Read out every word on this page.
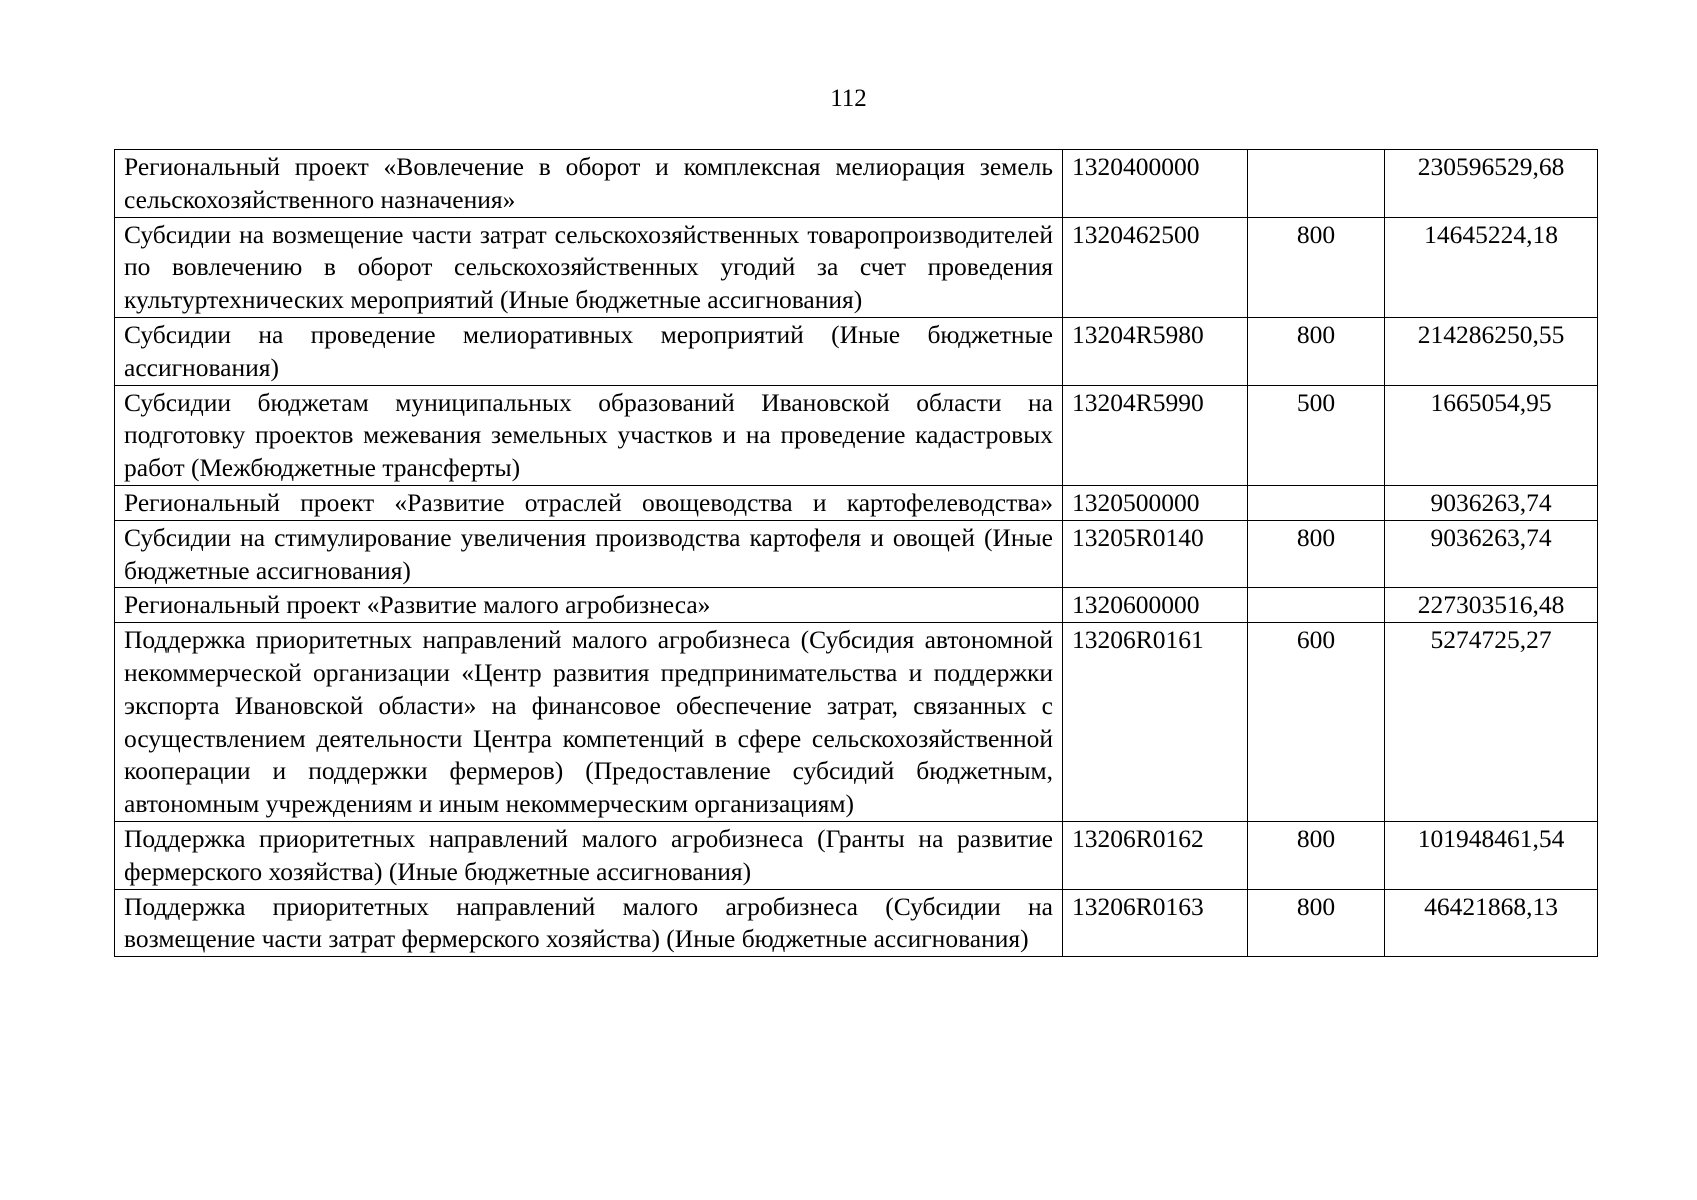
112
Региональный проект «Вовлечение в оборот и комплексная мелиорация земель сельскохозяйственного назначения»	1320400000		230596529,68
Субсидии на возмещение части затрат сельскохозяйственных товаропроизводителей по вовлечению в оборот сельскохозяйственных угодий за счет проведения культуртехнических мероприятий (Иные бюджетные ассигнования)	1320462500	800	14645224,18
Субсидии на проведение мелиоративных мероприятий (Иные бюджетные ассигнования)	13204R5980	800	214286250,55
Субсидии бюджетам муниципальных образований Ивановской области на подготовку проектов межевания земельных участков и на проведение кадастровых работ (Межбюджетные трансферты)	13204R5990	500	1665054,95
Региональный проект «Развитие отраслей овощеводства и картофелеводства»	1320500000		9036263,74
Субсидии на стимулирование увеличения производства картофеля и овощей (Иные бюджетные ассигнования)	13205R0140	800	9036263,74
Региональный проект «Развитие малого агробизнеса»	1320600000		227303516,48
Поддержка приоритетных направлений малого агробизнеса (Субсидия автономной некоммерческой организации «Центр развития предпринимательства и поддержки экспорта Ивановской области» на финансовое обеспечение затрат, связанных с осуществлением деятельности Центра компетенций в сфере сельскохозяйственной кооперации и поддержки фермеров) (Предоставление субсидий бюджетным, автономным учреждениям и иным некоммерческим организациям)	13206R0161	600	5274725,27
Поддержка приоритетных направлений малого агробизнеса (Гранты на развитие фермерского хозяйства) (Иные бюджетные ассигнования)	13206R0162	800	101948461,54
Поддержка приоритетных направлений малого агробизнеса (Субсидии на возмещение части затрат фермерского хозяйства) (Иные бюджетные ассигнования)	13206R0163	800	46421868,13
